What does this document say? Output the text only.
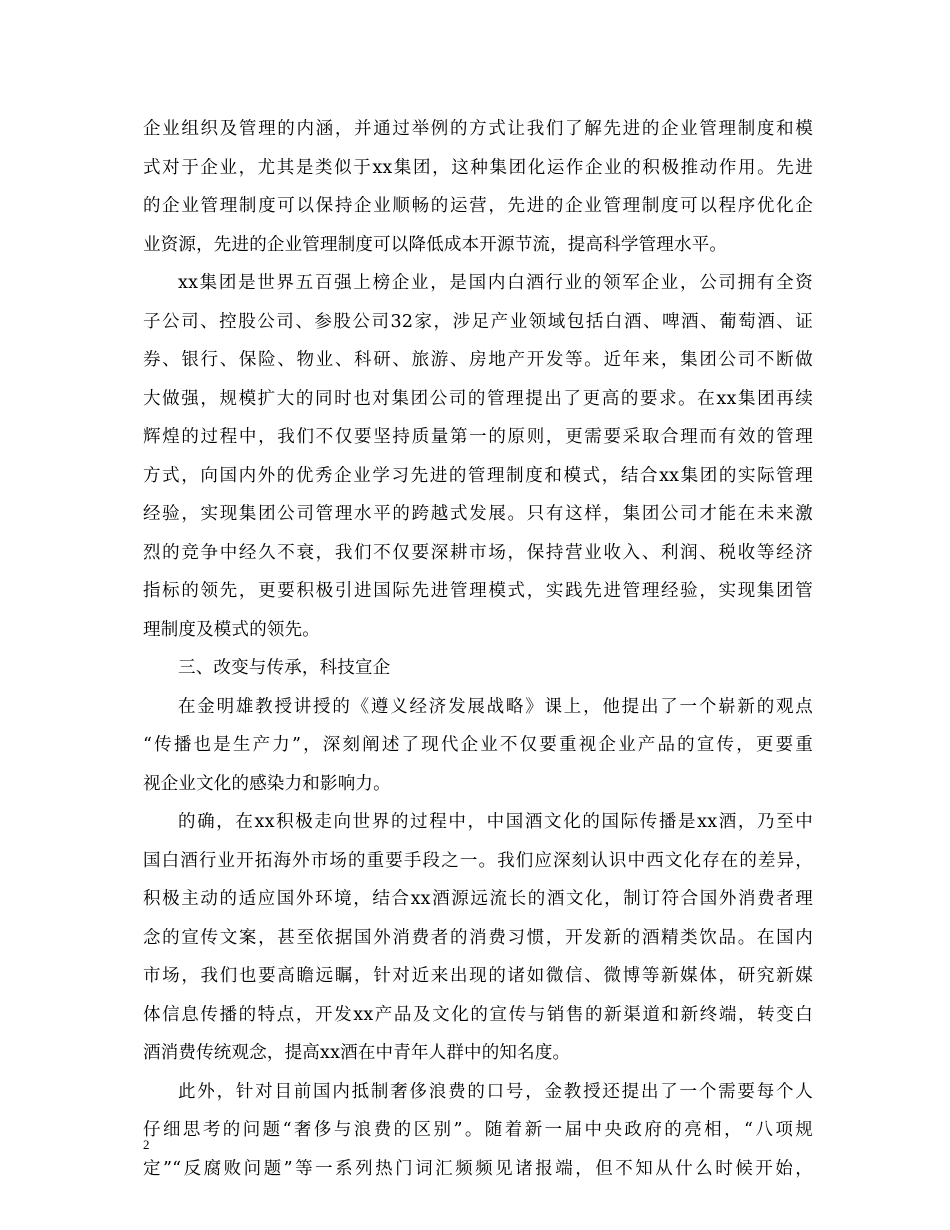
企业组织及管理的内涵，并通过举例的方式让我们了解先进的企业管理制度和模
式对于企业，尤其是类似于xx集团，这种集团化运作企业的积极推动作用。先进
的企业管理制度可以保持企业顺畅的运营，先进的企业管理制度可以程序优化企
业资源，先进的企业管理制度可以降低成本开源节流，提高科学管理水平。
xx集团是世界五百强上榜企业，是国内白酒行业的领军企业，公司拥有全资
子公司、控股公司、参股公司32家，涉足产业领域包括白酒、啤酒、葡萄酒、证
券、银行、保险、物业、科研、旅游、房地产开发等。近年来，集团公司不断做
大做强，规模扩大的同时也对集团公司的管理提出了更高的要求。在xx集团再续
辉煌的过程中，我们不仅要坚持质量第一的原则，更需要采取合理而有效的管理
方式，向国内外的优秀企业学习先进的管理制度和模式，结合xx集团的实际管理
经验，实现集团公司管理水平的跨越式发展。只有这样，集团公司才能在未来激
烈的竞争中经久不衰，我们不仅要深耕市场，保持营业收入、利润、税收等经济
指标的领先，更要积极引进国际先进管理模式，实践先进管理经验，实现集团管
理制度及模式的领先。
三、改变与传承，科技宣企
在金明雄教授讲授的《遵义经济发展战略》课上，他提出了一个崭新的观点
“传播也是生产力”，深刻阐述了现代企业不仅要重视企业产品的宣传，更要重
视企业文化的感染力和影响力。
的确，在xx积极走向世界的过程中，中国酒文化的国际传播是xx酒，乃至中
国白酒行业开拓海外市场的重要手段之一。我们应深刻认识中西文化存在的差异，
积极主动的适应国外环境，结合xx酒源远流长的酒文化，制订符合国外消费者理
念的宣传文案，甚至依据国外消费者的消费习惯，开发新的酒精类饮品。在国内
市场，我们也要高瞻远瞩，针对近来出现的诸如微信、微博等新媒体，研究新媒
体信息传播的特点，开发xx产品及文化的宣传与销售的新渠道和新终端，转变白
酒消费传统观念，提高xx酒在中青年人群中的知名度。
此外，针对目前国内抵制奢侈浪费的口号，金教授还提出了一个需要每个人
仔细思考的问题“奢侈与浪费的区别”。随着新一届中央政府的亮相，“八项规
定”“反腐败问题”等一系列热门词汇频频见诸报端，但不知从什么时候开始，
2
